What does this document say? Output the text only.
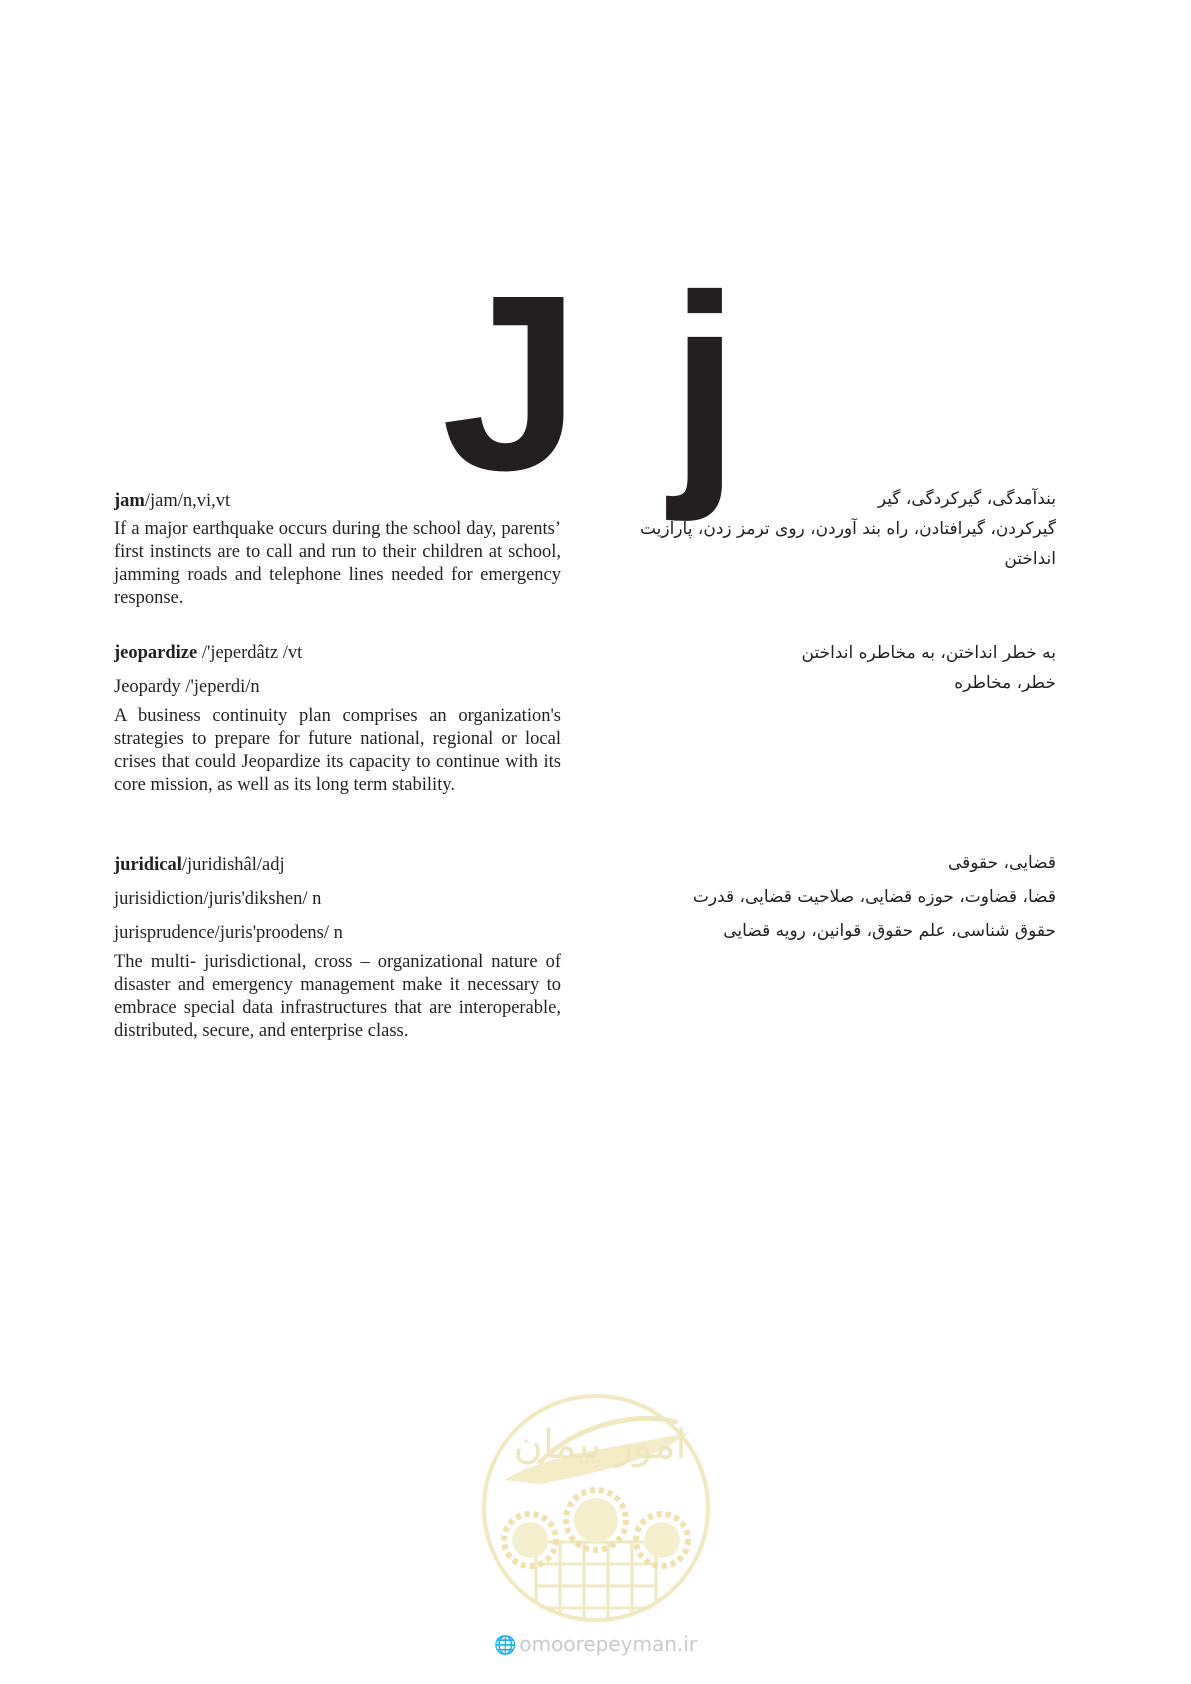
J j

jam/jam/n,vi,vt

If a major earthquake occurs during the school day, parents’ first instincts are to call and run to their children at school, jamming roads and telephone lines needed for emergency response.

بندآمدگی، گیرکردگی، گیر

گیرکردن، گیرافتادن، راه بند آوردن، روی ترمز زدن، پارازیت انداختن

jeopardize /'jeperdâtz /vt

Jeopardy /'jeperdi/n

A business continuity plan comprises an organization's strategies to prepare for future national, regional or local crises that could Jeopardize its capacity to continue with its core mission, as well as its long term stability.

به خطر انداختن، به مخاطره انداختن

خطر، مخاطره

juridical/juridishâl/adj

jurisidiction/juris'dikshen/ n

jurisprudence/juris'proodens/ n

The multi- jurisdictional, cross – organizational nature of disaster and emergency management make it necessary to embrace special data infrastructures that are interoperable, distributed, secure, and enterprise class.

قضایی، حقوقی

قضا، قضاوت، حوزه قضایی، صلاحیت قضایی، قدرت

حقوق شناسی، علم حقوق، قوانین، رویه قضایی

امور پیمان
🌐 omoorepeyman.ir
